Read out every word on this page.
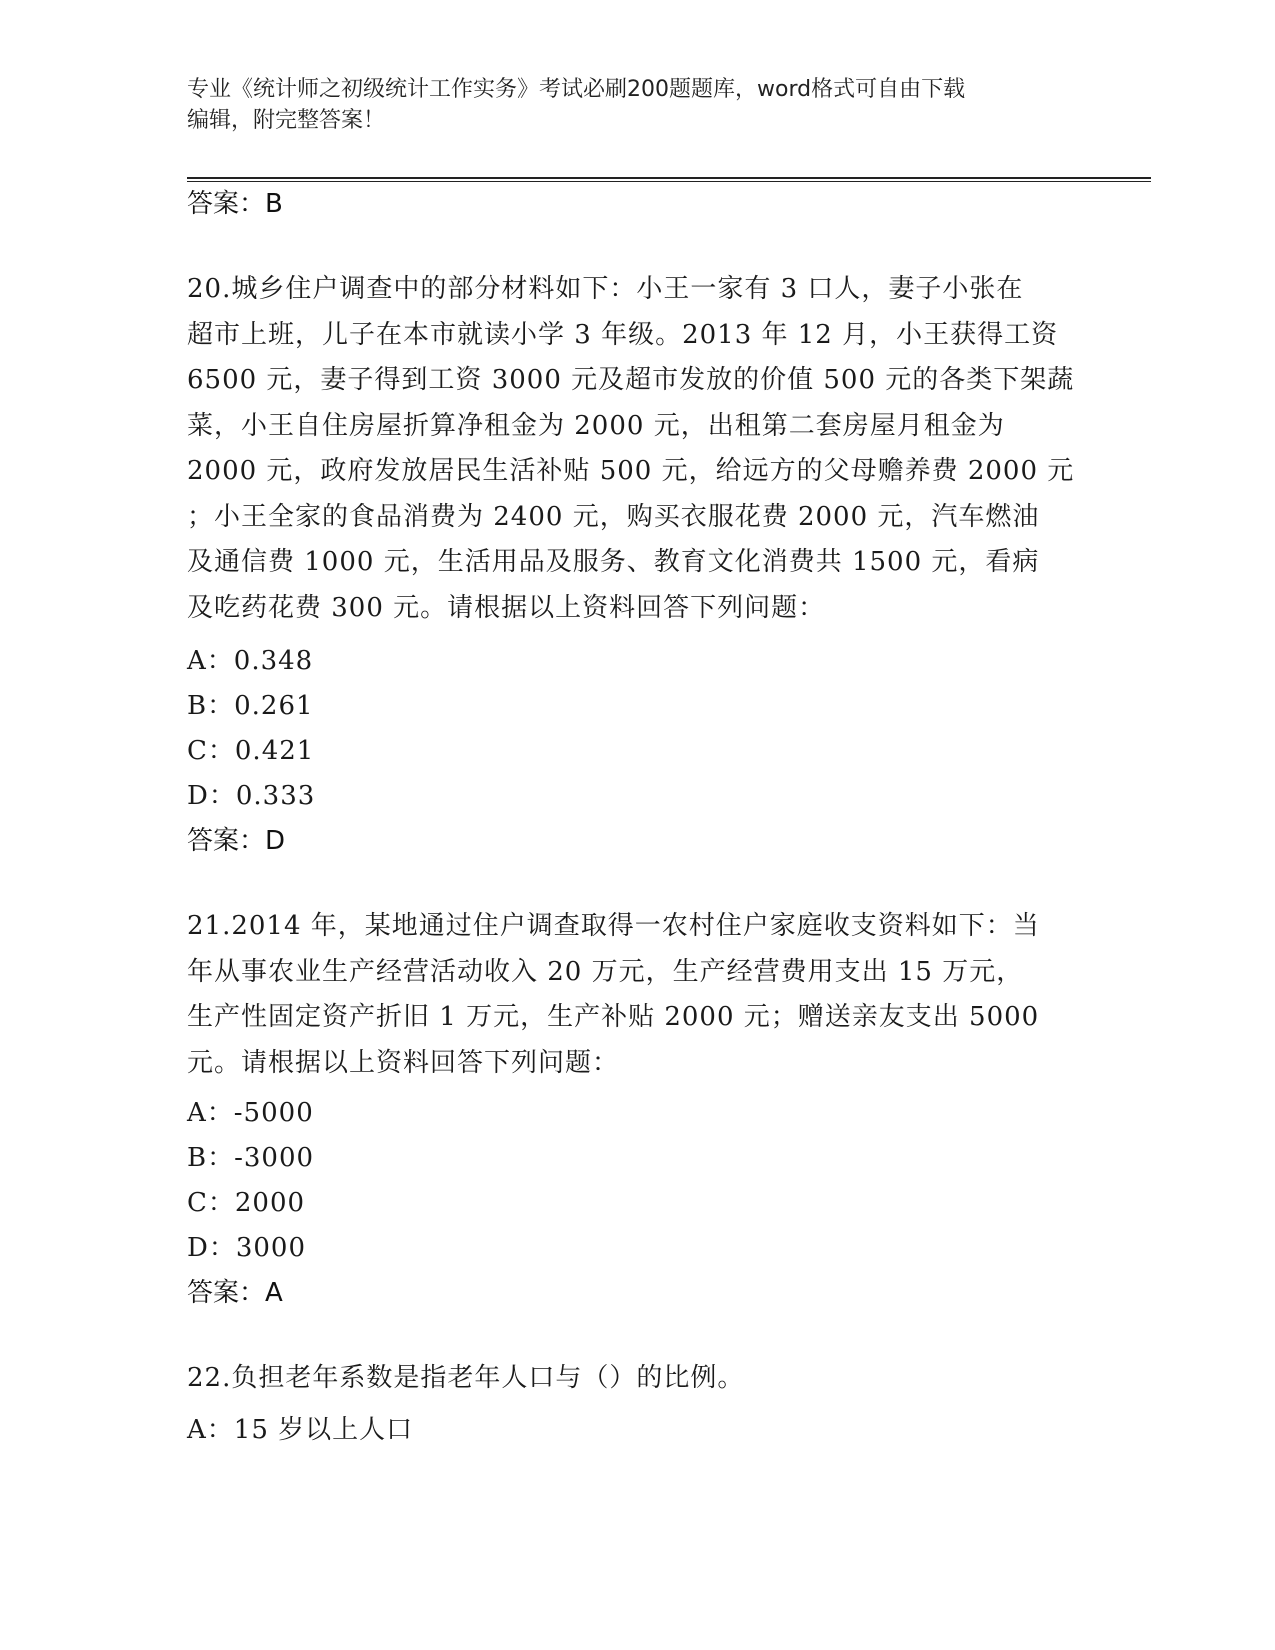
专业《统计师之初级统计工作实务》考试必刷200题题库，word格式可自由下载
编辑，附完整答案！
答案：B
20.城乡住户调查中的部分材料如下：小王一家有 3 口人，妻子小张在
超市上班，儿子在本市就读小学 3 年级。2013 年 12 月，小王获得工资
6500 元，妻子得到工资 3000 元及超市发放的价值 500 元的各类下架蔬
菜，小王自住房屋折算净租金为 2000 元，出租第二套房屋月租金为
2000 元，政府发放居民生活补贴 500 元，给远方的父母赡养费 2000 元
；小王全家的食品消费为 2400 元，购买衣服花费 2000 元，汽车燃油
及通信费 1000 元，生活用品及服务、教育文化消费共 1500 元，看病
及吃药花费 300 元。请根据以上资料回答下列问题：
A：0.348
B：0.261
C：0.421
D：0.333
答案：D
21.2014 年，某地通过住户调查取得一农村住户家庭收支资料如下：当
年从事农业生产经营活动收入 20 万元，生产经营费用支出 15 万元，
生产性固定资产折旧 1 万元，生产补贴 2000 元；赠送亲友支出 5000
元。请根据以上资料回答下列问题：
A：-5000
B：-3000
C：2000
D：3000
答案：A
22.负担老年系数是指老年人口与（）的比例。
A：15 岁以上人口
